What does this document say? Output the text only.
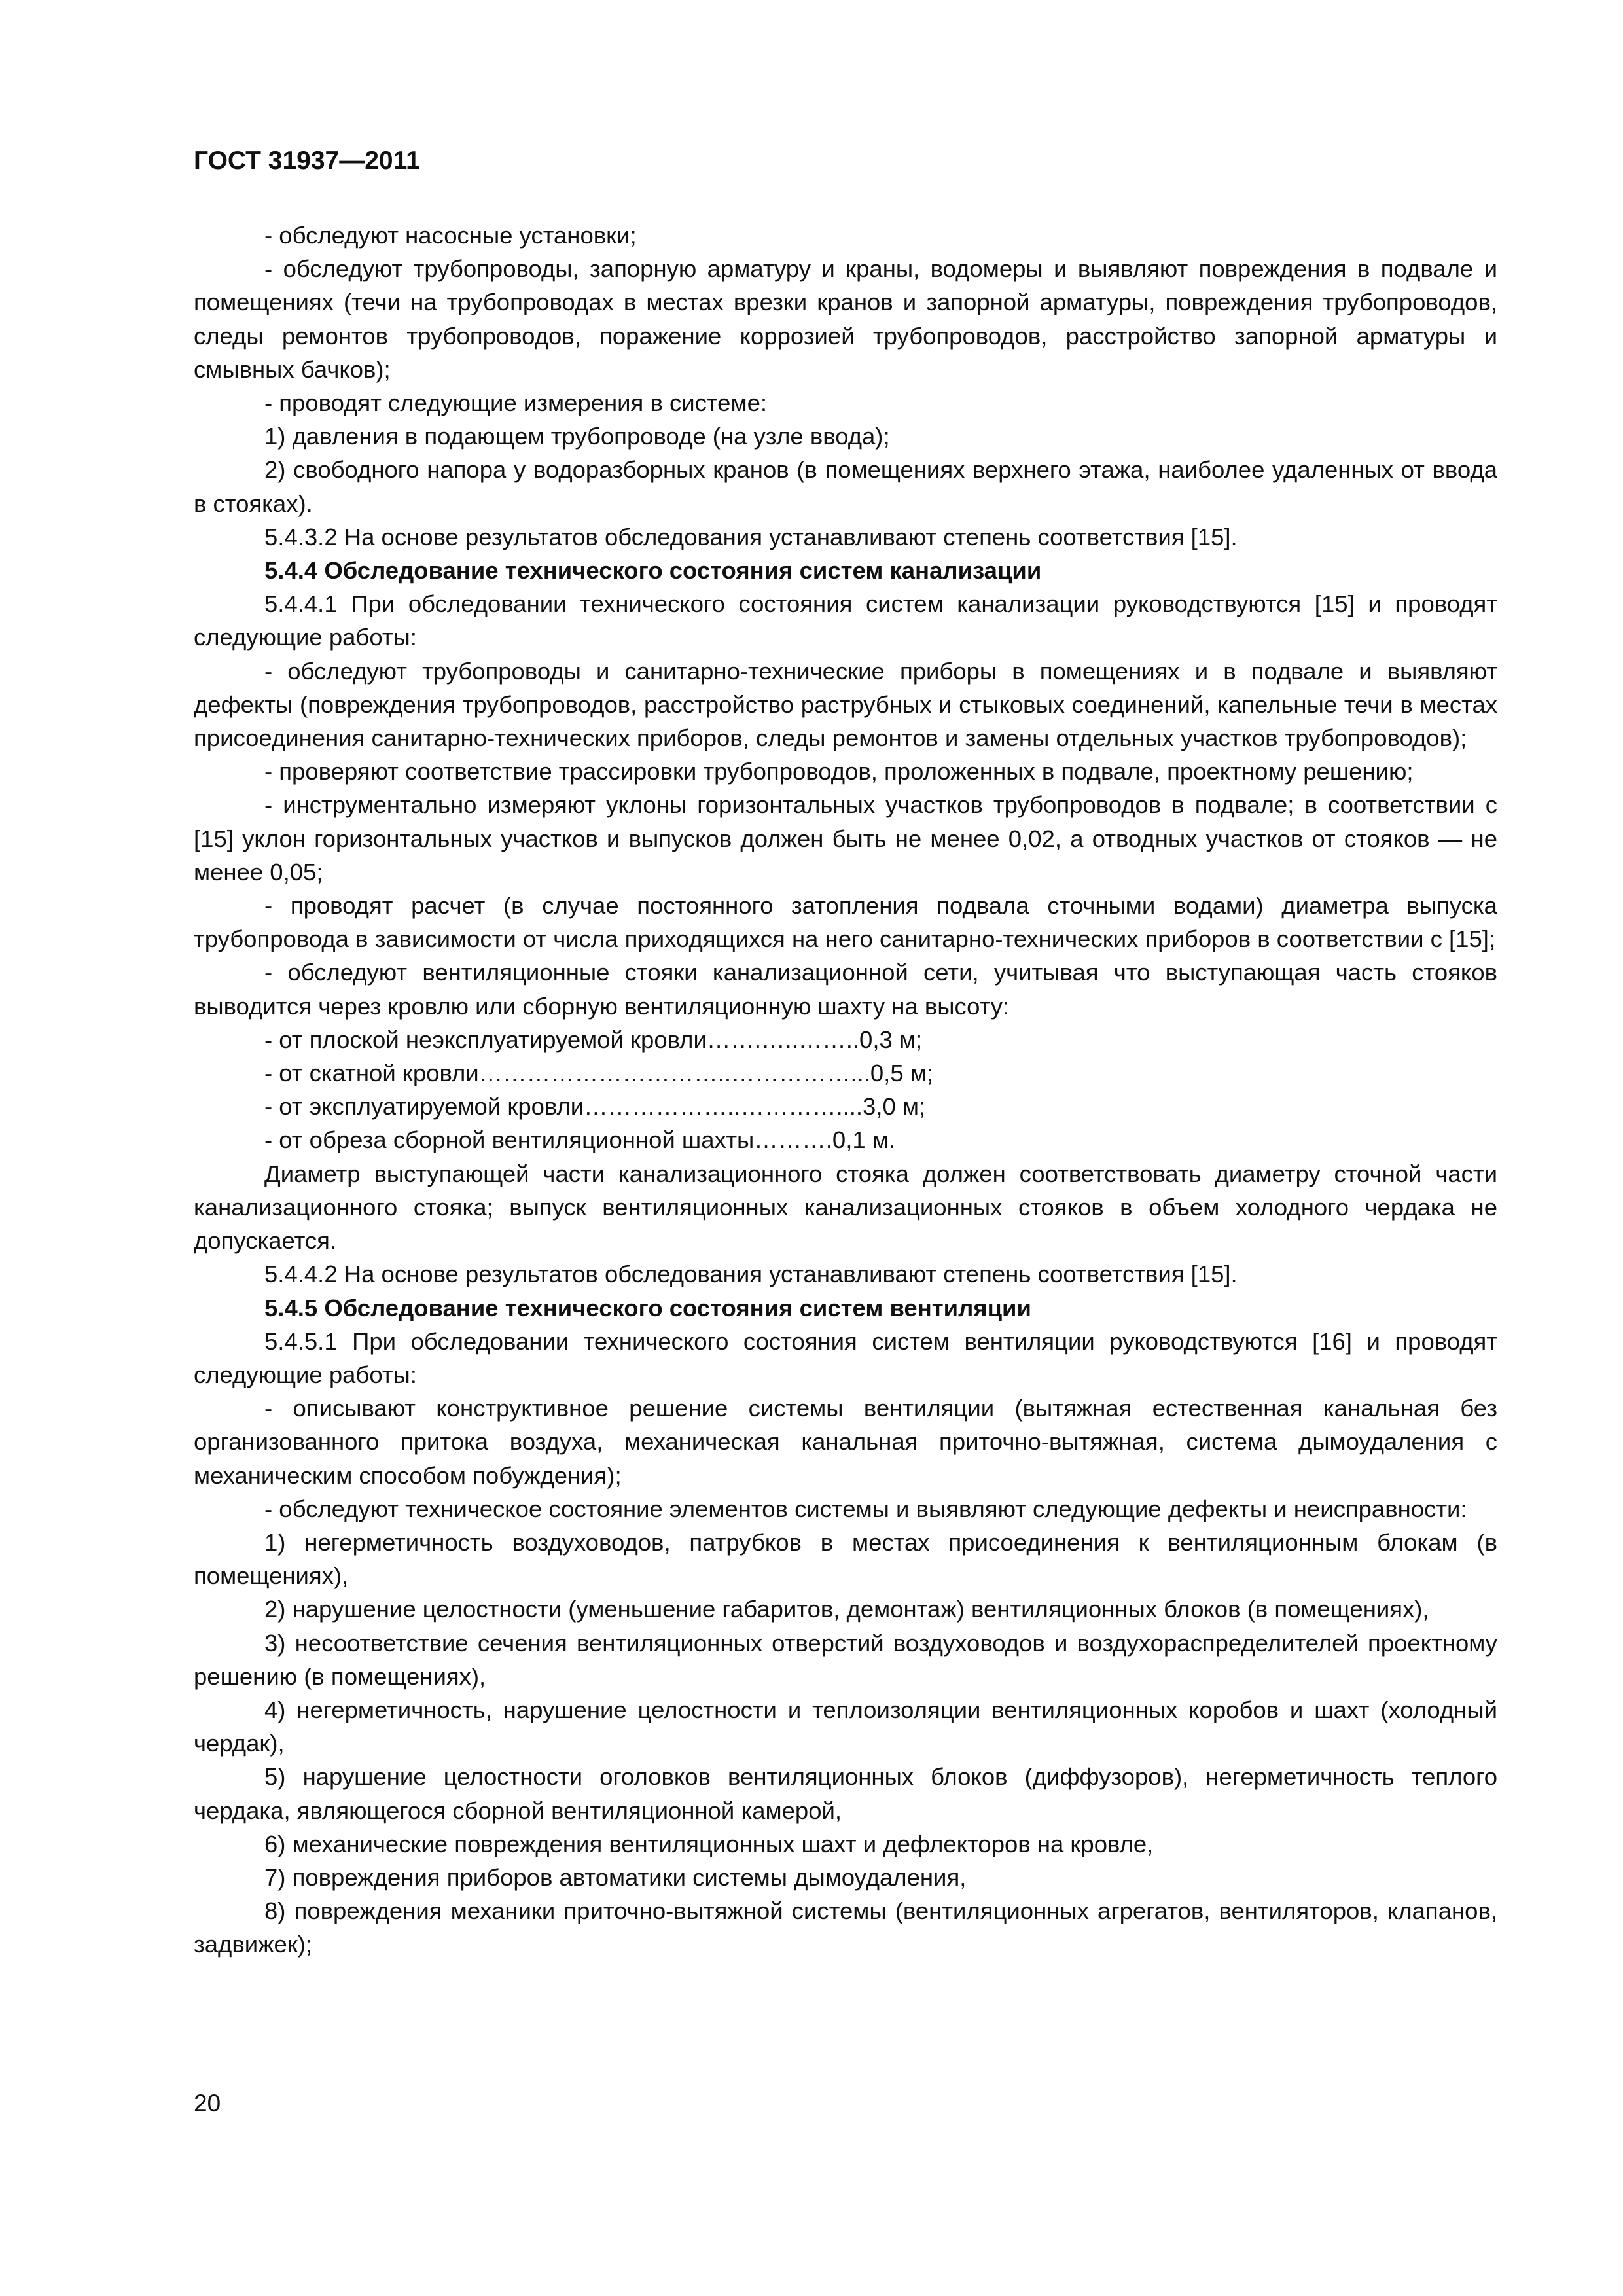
ГОСТ 31937—2011

- обследуют насосные установки;

- обследуют трубопроводы, запорную арматуру и краны, водомеры и выявляют повреждения в подвале и помещениях (течи на трубопроводах в местах врезки кранов и запорной арматуры, повреждения трубопроводов, следы ремонтов трубопроводов, поражение коррозией трубопроводов, расстройство запорной арматуры и смывных бачков);

- проводят следующие измерения в системе:

1) давления в подающем трубопроводе (на узле ввода);

2) свободного напора у водоразборных кранов (в помещениях верхнего этажа, наиболее удаленных от ввода в стояках).

5.4.3.2 На основе результатов обследования устанавливают степень соответствия [15].

5.4.4 Обследование технического состояния систем канализации

5.4.4.1 При обследовании технического состояния систем канализации руководствуются [15] и проводят следующие работы:

- обследуют трубопроводы и санитарно-технические приборы в помещениях и в подвале и выявляют дефекты (повреждения трубопроводов, расстройство раструбных и стыковых соединений, капельные течи в местах присоединения санитарно-технических приборов, следы ремонтов и замены отдельных участков трубопроводов);

- проверяют соответствие трассировки трубопроводов, проложенных в подвале, проектному решению;

- инструментально измеряют уклоны горизонтальных участков трубопроводов в подвале; в соответствии с [15] уклон горизонтальных участков и выпусков должен быть не менее 0,02, а отводных участков от стояков — не менее 0,05;

- проводят расчет (в случае постоянного затопления подвала сточными водами) диаметра выпуска трубопровода в зависимости от числа приходящихся на него санитарно-технических приборов в соответствии с [15];

- обследуют вентиляционные стояки канализационной сети, учитывая что выступающая часть стояков выводится через кровлю или сборную вентиляционную шахту на высоту:

- от плоской неэксплуатируемой кровли…….…..……..0,3 м;

- от скатной кровли…………………………..……………...0,5 м;

- от эксплуатируемой кровли………………..…………....3,0 м;

- от обреза сборной вентиляционной шахты……….0,1 м.

Диаметр выступающей части канализационного стояка должен соответствовать диаметру сточной части канализационного стояка; выпуск вентиляционных канализационных стояков в объем холодного чердака не допускается.

5.4.4.2 На основе результатов обследования устанавливают степень соответствия [15].

5.4.5 Обследование технического состояния систем вентиляции

5.4.5.1 При обследовании технического состояния систем вентиляции руководствуются [16] и проводят следующие работы:

- описывают конструктивное решение системы вентиляции (вытяжная естественная канальная без организованного притока воздуха, механическая канальная приточно-вытяжная, система дымоудаления с механическим способом побуждения);

- обследуют техническое состояние элементов системы и выявляют следующие дефекты и неисправности:

1) негерметичность воздуховодов, патрубков в местах присоединения к вентиляционным блокам (в помещениях),

2) нарушение целостности (уменьшение габаритов, демонтаж) вентиляционных блоков (в помещениях),

3) несоответствие сечения вентиляционных отверстий воздуховодов и воздухораспределителей проектному решению (в помещениях),

4) негерметичность, нарушение целостности и теплоизоляции вентиляционных коробов и шахт (холодный чердак),

5) нарушение целостности оголовков вентиляционных блоков (диффузоров), негерметичность теплого чердака, являющегося сборной вентиляционной камерой,

6) механические повреждения вентиляционных шахт и дефлекторов на кровле,

7) повреждения приборов автоматики системы дымоудаления,

8) повреждения механики приточно-вытяжной системы (вентиляционных агрегатов, вентиляторов, клапанов, задвижек);

20
